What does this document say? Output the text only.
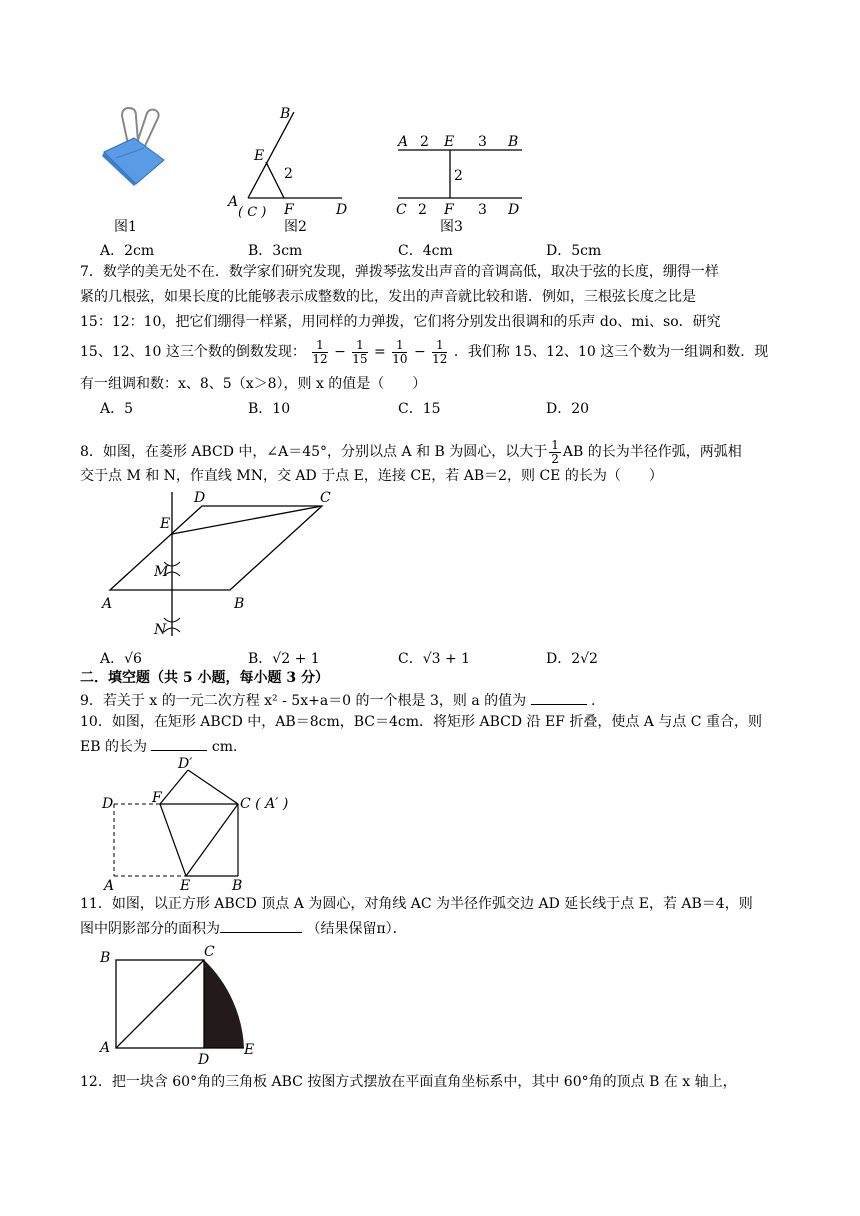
图1
B
E
2
A
( C ) F	D
图2
A 2 E 3 B
2
C 2 F 3 D
图3
A．2cm	B．3cm	C．4cm	D．5cm
7．数学的美无处不在．数学家们研究发现，弹拨琴弦发出声音的音调高低，取决于弦的长度，绷得一样
紧的几根弦，如果长度的比能够表示成整数的比，发出的声音就比较和谐．例如，三根弦长度之比是
15：12：10，把它们绷得一样紧，用同样的力弹拨，它们将分别发出很调和的乐声 do、mi、so．研究
15、12、10 这三个数的倒数发现： $\frac{1}{12} - \frac{1}{15} = \frac{1}{10} - \frac{1}{12}$ ．我们称 15、12、10 这三个数为一组调和数．现
有一组调和数：x、8、5（x＞8），则 x 的值是（　　）
A．5	B．10	C．15	D．20
8．如图，在菱形 ABCD 中，∠A＝45°，分别以点 A 和 B 为圆心，以大于 $\frac{1}{2}$ AB 的长为半径作弧，两弧相
交于点 M 和 N，作直线 MN，交 AD 于点 E，连接 CE，若 AB＝2，则 CE 的长为（　　）
D	C
E
M
A	B
N
A．√6	B．√2 + 1	C．√3 + 1	D．2√2
二．填空题（共 5 小题，每小题 3 分）
9．若关于 x 的一元二次方程 x² - 5x+a＝0 的一个根是 3，则 a 的值为	.
10．如图，在矩形 ABCD 中，AB＝8cm，BC＝4cm．将矩形 ABCD 沿 EF 折叠，使点 A 与点 C 重合，则
EB 的长为	cm．
D′
D	F	C ( A′ )
A	E	B
11．如图，以正方形 ABCD 顶点 A 为圆心，对角线 AC 为半径作弧交边 AD 延长线于点 E，若 AB＝4，则
图中阴影部分的面积为	（结果保留π）．
B	C
A
D
E
12．把一块含 60°角的三角板 ABC 按图方式摆放在平面直角坐标系中，其中 60°角的顶点 B 在 x 轴上，
